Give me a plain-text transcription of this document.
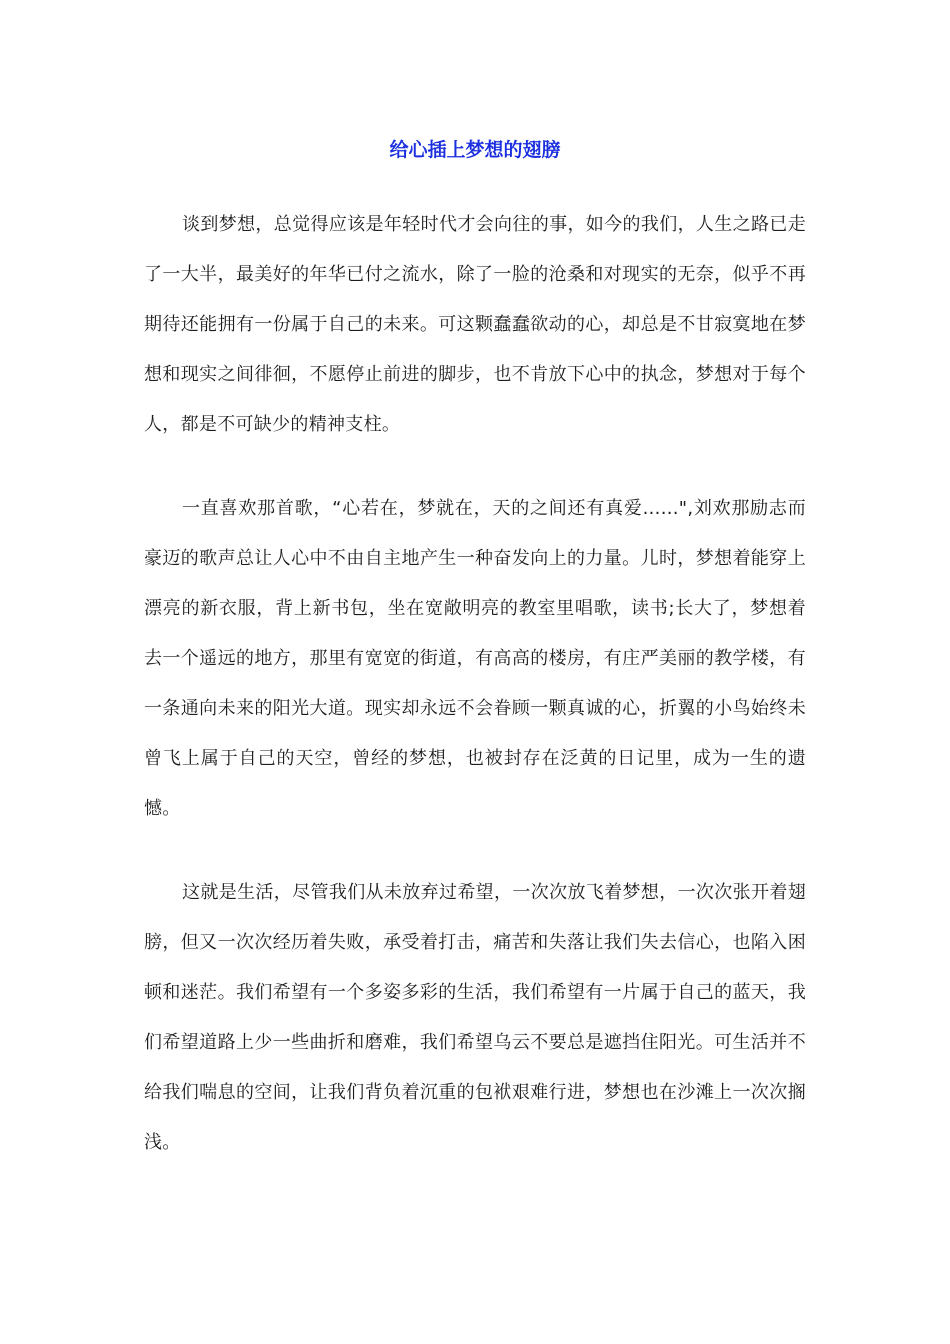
给心插上梦想的翅膀

谈到梦想，总觉得应该是年轻时代才会向往的事，如今的我们，人生之路已走了一大半，最美好的年华已付之流水，除了一脸的沧桑和对现实的无奈，似乎不再期待还能拥有一份属于自己的未来。可这颗蠢蠢欲动的心，却总是不甘寂寞地在梦想和现实之间徘徊，不愿停止前进的脚步，也不肯放下心中的执念，梦想对于每个人，都是不可缺少的精神支柱。

一直喜欢那首歌，“心若在，梦就在，天的之间还有真爱......",刘欢那励志而豪迈的歌声总让人心中不由自主地产生一种奋发向上的力量。儿时，梦想着能穿上漂亮的新衣服，背上新书包，坐在宽敞明亮的教室里唱歌，读书;长大了，梦想着去一个遥远的地方，那里有宽宽的街道，有高高的楼房，有庄严美丽的教学楼，有一条通向未来的阳光大道。现实却永远不会眷顾一颗真诚的心，折翼的小鸟始终未曾飞上属于自己的天空，曾经的梦想，也被封存在泛黄的日记里，成为一生的遗憾。

这就是生活，尽管我们从未放弃过希望，一次次放飞着梦想，一次次张开着翅膀，但又一次次经历着失败，承受着打击，痛苦和失落让我们失去信心，也陷入困顿和迷茫。我们希望有一个多姿多彩的生活，我们希望有一片属于自己的蓝天，我们希望道路上少一些曲折和磨难，我们希望乌云不要总是遮挡住阳光。可生活并不给我们喘息的空间，让我们背负着沉重的包袱艰难行进，梦想也在沙滩上一次次搁浅。
